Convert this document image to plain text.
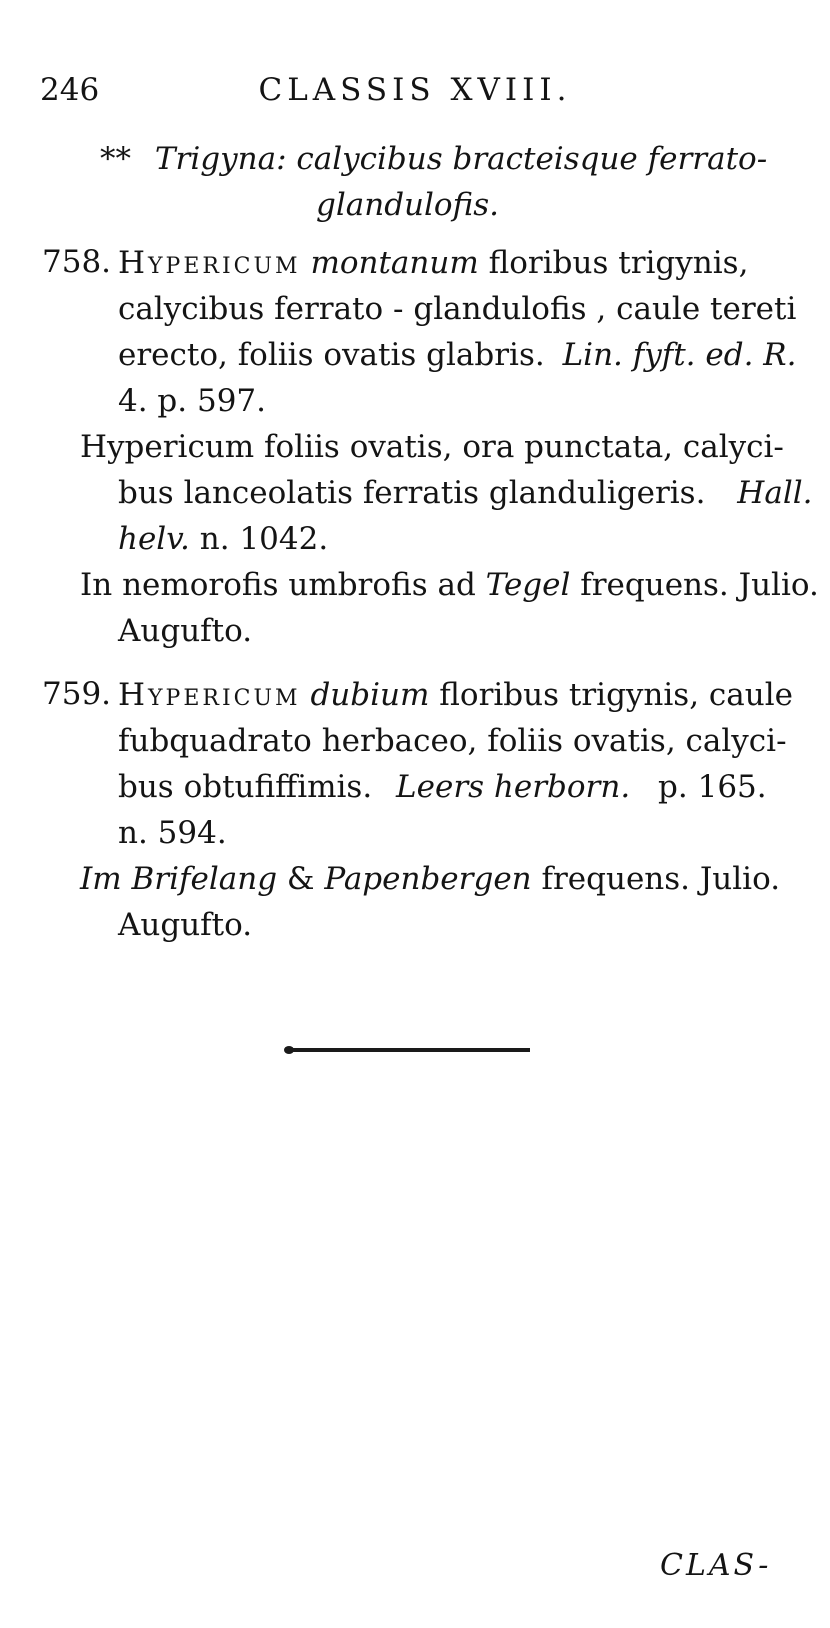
246	CLASSIS XVIII.
** Trigyna: calycibus bracteisque ferrato-
glandulofis.
758. Hypericum montanum floribus trigynis,
calycibus ferrato - glandulofis , caule tereti
erecto, foliis ovatis glabris. Lin. fyft. ed. R.
4. p. 597.
Hypericum foliis ovatis, ora punctata, calyci-
bus lanceolatis ferratis glanduligeris. Hall.
helv. n. 1042.
In nemorofis umbrofis ad Tegel frequens. Julio.
Augufto.
759. Hypericum dubium floribus trigynis, caule
fubquadrato herbaceo, foliis ovatis, calyci-
bus obtufiffimis. Leers herborn. p. 165.
n. 594.
Im Brifelang & Papenbergen frequens. Julio.
Augufto.
CLAS-
